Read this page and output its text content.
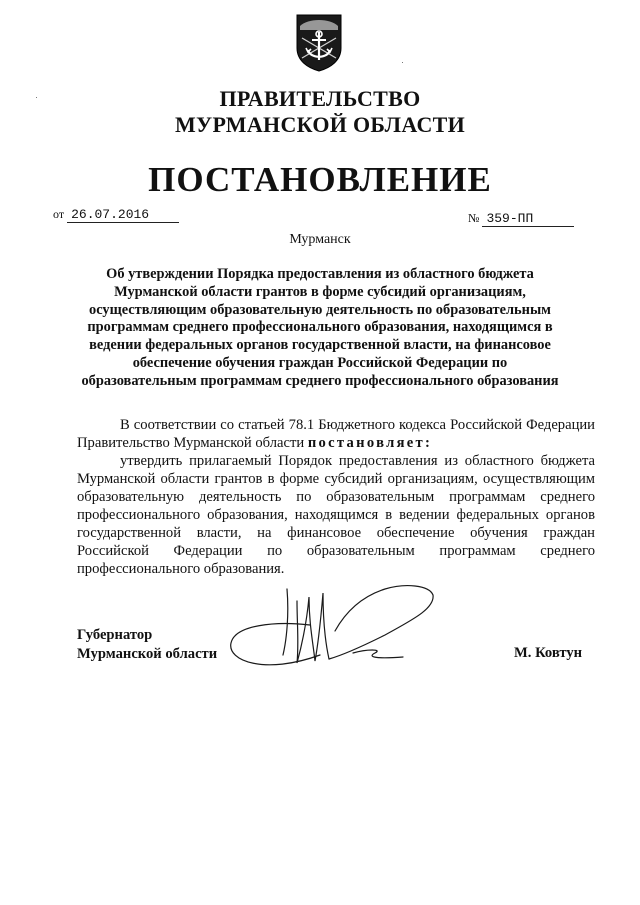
ПРАВИТЕЛЬСТВО
МУРМАНСКОЙ ОБЛАСТИ
ПОСТАНОВЛЕНИЕ
от 26.07.2016	№ 359-ПП
Мурманск
Об утверждении Порядка предоставления из областного бюджета Мурманской области грантов в форме субсидий организациям, осуществляющим образовательную деятельность по образовательным программам среднего профессионального образования, находящимся в ведении федеральных органов государственной власти, на финансовое обеспечение обучения граждан Российской Федерации по образовательным программам среднего профессионального образования
В соответствии со статьей 78.1 Бюджетного кодекса Российской Федерации Правительство Мурманской области постановляет:
утвердить прилагаемый Порядок предоставления из областного бюджета Мурманской области грантов в форме субсидий организациям, осуществляющим образовательную деятельность по образовательным программам среднего профессионального образования, находящимся в ведении федеральных органов государственной власти, на финансовое обеспечение обучения граждан Российской Федерации по образовательным программам среднего профессионального образования.
Губернатор
Мурманской области	М. Ковтун
